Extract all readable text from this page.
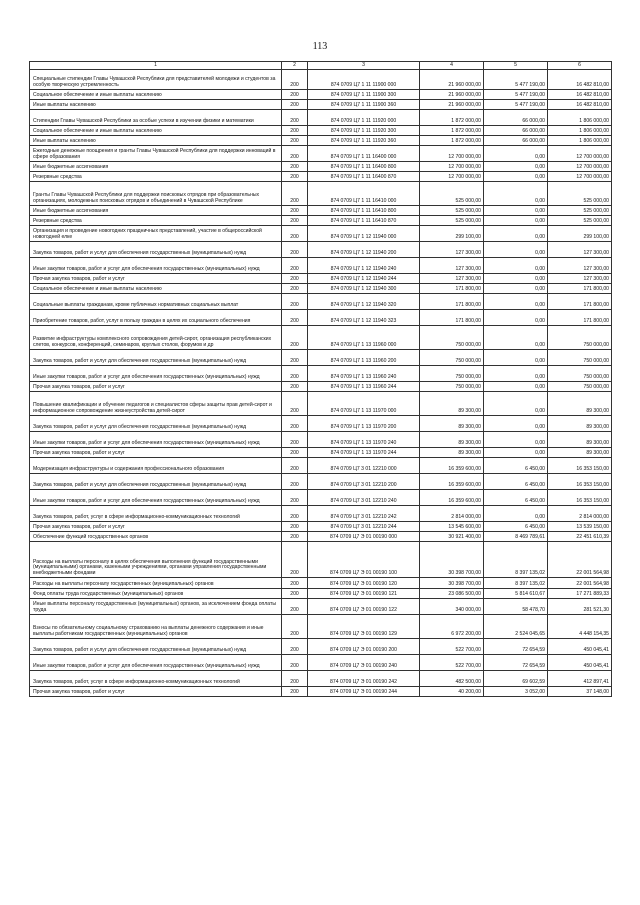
113
1	2	3	4	5	6
Специальные стипендии Главы Чувашской Республики для представителей молодежи и студентов за особую творческую устремленность	200	874 0709 Ц7 1 11 11900 000	21 960 000,00	5 477 190,00	16 482 810,00
Социальное обеспечение и иные выплаты населению	200	874 0709 Ц7 1 11 11900 300	21 960 000,00	5 477 190,00	16 482 810,00
Иные выплаты населению	200	874 0709 Ц7 1 11 11900 360	21 960 000,00	5 477 190,00	16 482 810,00
Стипендии Главы Чувашской Республики за особые успехи в изучении физики и математики	200	874 0709 Ц7 1 11 11920 000	1 872 000,00	66 000,00	1 806 000,00
Социальное обеспечение и иные выплаты населению	200	874 0709 Ц7 1 11 11920 300	1 872 000,00	66 000,00	1 806 000,00
Иные выплаты населению	200	874 0709 Ц7 1 11 11920 360	1 872 000,00	66 000,00	1 806 000,00
Ежегодные денежные поощрения и гранты Главы Чувашской Республики для поддержки инноваций в сфере образования	200	874 0709 Ц7 1 11 16400 000	12 700 000,00	0,00	12 700 000,00
Иные бюджетные ассигнования	200	874 0709 Ц7 1 11 16400 800	12 700 000,00	0,00	12 700 000,00
Резервные средства	200	874 0709 Ц7 1 11 16400 870	12 700 000,00	0,00	12 700 000,00
Гранты Главы Чувашской Республики для поддержки поисковых отрядов при образовательных организациях, молодежных поисковых отрядов и объединений в Чувашской Республике	200	874 0709 Ц7 1 11 16410 000	525 000,00	0,00	525 000,00
Иные бюджетные ассигнования	200	874 0709 Ц7 1 11 16410 800	525 000,00	0,00	525 000,00
Резервные средства	200	874 0709 Ц7 1 11 16410 870	525 000,00	0,00	525 000,00
Организация и проведение новогодних праздничных представлений, участие в общероссийской новогодней елке	200	874 0709 Ц7 1 12 11940 000	299 100,00	0,00	299 100,00
Закупка товаров, работ и услуг для обеспечения государственных (муниципальных) нужд	200	874 0709 Ц7 1 12 11940 200	127 300,00	0,00	127 300,00
Иные закупки товаров, работ и услуг для обеспечения государственных (муниципальных) нужд	200	874 0709 Ц7 1 12 11940 240	127 300,00	0,00	127 300,00
Прочая закупка товаров, работ и услуг	200	874 0709 Ц7 1 12 11940 244	127 300,00	0,00	127 300,00
Социальное обеспечение и иные выплаты населению	200	874 0709 Ц7 1 12 11940 300	171 800,00	0,00	171 800,00
Социальные выплаты гражданам, кроме публичных нормативных социальных выплат	200	874 0709 Ц7 1 12 11940 320	171 800,00	0,00	171 800,00
Приобретение товаров, работ, услуг в пользу граждан в целях их социального обеспечения	200	874 0709 Ц7 1 12 11940 323	171 800,00	0,00	171 800,00
Развитие инфраструктуры комплексного сопровождения детей-сирот, организация республиканских слетов, конкурсов, конференций, семинаров, круглых столов, форумов и др	200	874 0709 Ц7 1 13 11960 000	750 000,00	0,00	750 000,00
Закупка товаров, работ и услуг для обеспечения государственных (муниципальных) нужд	200	874 0709 Ц7 1 13 11960 200	750 000,00	0,00	750 000,00
Иные закупки товаров, работ и услуг для обеспечения государственных (муниципальных) нужд	200	874 0709 Ц7 1 13 11960 240	750 000,00	0,00	750 000,00
Прочая закупка товаров, работ и услуг	200	874 0709 Ц7 1 13 11960 244	750 000,00	0,00	750 000,00
Повышение квалификации и обучение педагогов и специалистов сферы защиты прав детей-сирот и информационное сопровождение жизнеустройства детей-сирот	200	874 0709 Ц7 1 13 11970 000	89 300,00	0,00	89 300,00
Закупка товаров, работ и услуг для обеспечения государственных (муниципальных) нужд	200	874 0709 Ц7 1 13 11970 200	89 300,00	0,00	89 300,00
Иные закупки товаров, работ и услуг для обеспечения государственных (муниципальных) нужд	200	874 0709 Ц7 1 13 11970 240	89 300,00	0,00	89 300,00
Прочая закупка товаров, работ и услуг	200	874 0709 Ц7 1 13 11970 244	89 300,00	0,00	89 300,00
Модернизация инфраструктуры и содержания профессионального образования	200	874 0709 Ц7 3 01 12210 000	16 359 600,00	6 450,00	16 353 150,00
Закупка товаров, работ и услуг для обеспечения государственных (муниципальных) нужд	200	874 0709 Ц7 3 01 12210 200	16 359 600,00	6 450,00	16 353 150,00
Иные закупки товаров, работ и услуг для обеспечения государственных (муниципальных) нужд	200	874 0709 Ц7 3 01 12210 240	16 359 600,00	6 450,00	16 353 150,00
Закупка товаров, работ, услуг в сфере информационно-коммуникационных технологий	200	874 0709 Ц7 3 01 12210 242	2 814 000,00	0,00	2 814 000,00
Прочая закупка товаров, работ и услуг	200	874 0709 Ц7 3 01 12210 244	13 545 600,00	6 450,00	13 539 150,00
Обеспечение функций государственных органов	200	874 0709 Ц7 Э 01 00190 000	30 921 400,00	8 469 789,61	22 451 610,39
Расходы на выплаты персоналу в целях обеспечения выполнения функций государственными (муниципальными) органами, казенными учреждениями, органами управления государственными внебюджетными фондами	200	874 0709 Ц7 Э 01 00190 100	30 398 700,00	8 397 135,02	22 001 564,98
Расходы на выплаты персоналу государственных (муниципальных) органов	200	874 0709 Ц7 Э 01 00190 120	30 398 700,00	8 397 135,02	22 001 564,98
Фонд оплаты труда государственных (муниципальных) органов	200	874 0709 Ц7 Э 01 00190 121	23 086 500,00	5 814 610,67	17 271 889,33
Иные выплаты персоналу государственных (муниципальных) органов, за исключением фонда оплаты труда	200	874 0709 Ц7 Э 01 00190 122	340 000,00	58 478,70	281 521,30
Взносы по обязательному социальному страхованию на выплаты денежного содержания и иные выплаты работникам государственных (муниципальных) органов	200	874 0709 Ц7 Э 01 00190 129	6 972 200,00	2 524 045,65	4 448 154,35
Закупка товаров, работ и услуг для обеспечения государственных (муниципальных) нужд	200	874 0709 Ц7 Э 01 00190 200	522 700,00	72 654,59	450 045,41
Иные закупки товаров, работ и услуг для обеспечения государственных (муниципальных) нужд	200	874 0709 Ц7 Э 01 00190 240	522 700,00	72 654,59	450 045,41
Закупка товаров, работ, услуг в сфере информационно-коммуникационных технологий	200	874 0709 Ц7 Э 01 00190 242	482 500,00	69 602,59	412 897,41
Прочая закупка товаров, работ и услуг	200	874 0709 Ц7 Э 01 00190 244	40 200,00	3 052,00	37 148,00
